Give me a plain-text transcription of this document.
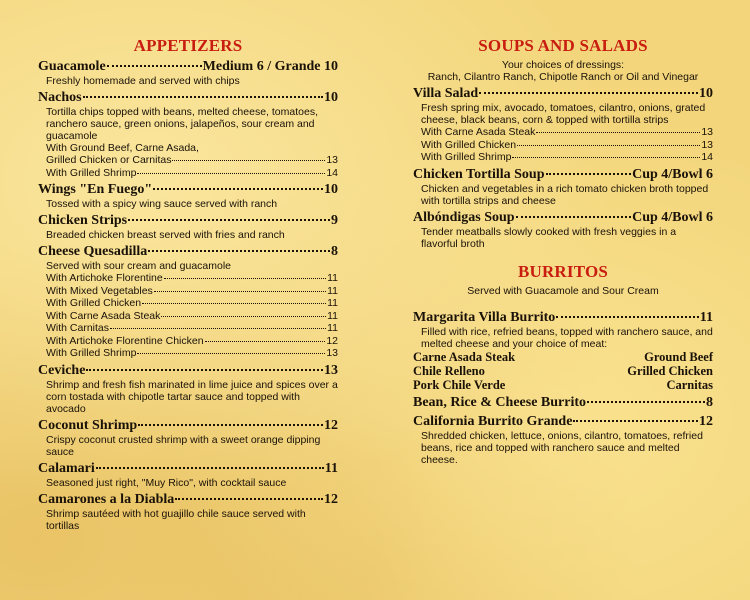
APPETIZERS
Guacamole	Medium 6 / Grande 10
Freshly homemade and served with chips
Nachos	10
Tortilla chips topped with beans, melted cheese, tomatoes, ranchero sauce, green onions, jalapeños, sour cream and guacamole
With Ground Beef, Carne Asada,
Grilled Chicken or Carnitas	13
With Grilled Shrimp	14
Wings "En Fuego"	10
Tossed with a spicy wing sauce served with ranch
Chicken Strips	9
Breaded chicken breast served with fries and ranch
Cheese Quesadilla	8
Served with sour cream and guacamole
With Artichoke Florentine	11
With Mixed Vegetables	11
With Grilled Chicken	11
With Carne Asada Steak	11
With Carnitas	11
With Artichoke Florentine Chicken	12
With Grilled Shrimp	13
Ceviche	13
Shrimp and fresh fish marinated in lime juice and spices over a corn tostada with chipotle tartar sauce and topped with avocado
Coconut Shrimp	12
Crispy coconut crusted shrimp with a sweet orange dipping sauce
Calamari	11
Seasoned just right, "Muy Rico", with cocktail sauce
Camarones a la Diabla	12
Shrimp sautéed with hot guajillo chile sauce served with tortillas
SOUPS AND SALADS
Your choices of dressings:
Ranch, Cilantro Ranch, Chipotle Ranch or Oil and Vinegar
Villa Salad	10
Fresh spring mix, avocado, tomatoes, cilantro, onions, grated cheese, black beans, corn & topped with tortilla strips
With Carne Asada Steak	13
With Grilled Chicken	13
With Grilled Shrimp	14
Chicken Tortilla Soup	Cup 4/Bowl 6
Chicken and vegetables in a rich tomato chicken broth topped with tortilla strips and cheese
Albóndigas Soup	Cup 4/Bowl 6
Tender meatballs slowly cooked with fresh veggies in a flavorful broth
BURRITOS
Served with Guacamole and Sour Cream
Margarita Villa Burrito	11
Filled with rice, refried beans, topped with ranchero sauce, and melted cheese and your choice of meat:
Carne Asada Steak	Ground Beef
Chile Relleno	Grilled Chicken
Pork Chile Verde	Carnitas
Bean, Rice & Cheese Burrito	8
California Burrito Grande	12
Shredded chicken, lettuce, onions, cilantro, tomatoes, refried beans, rice and topped with ranchero sauce and melted cheese.
